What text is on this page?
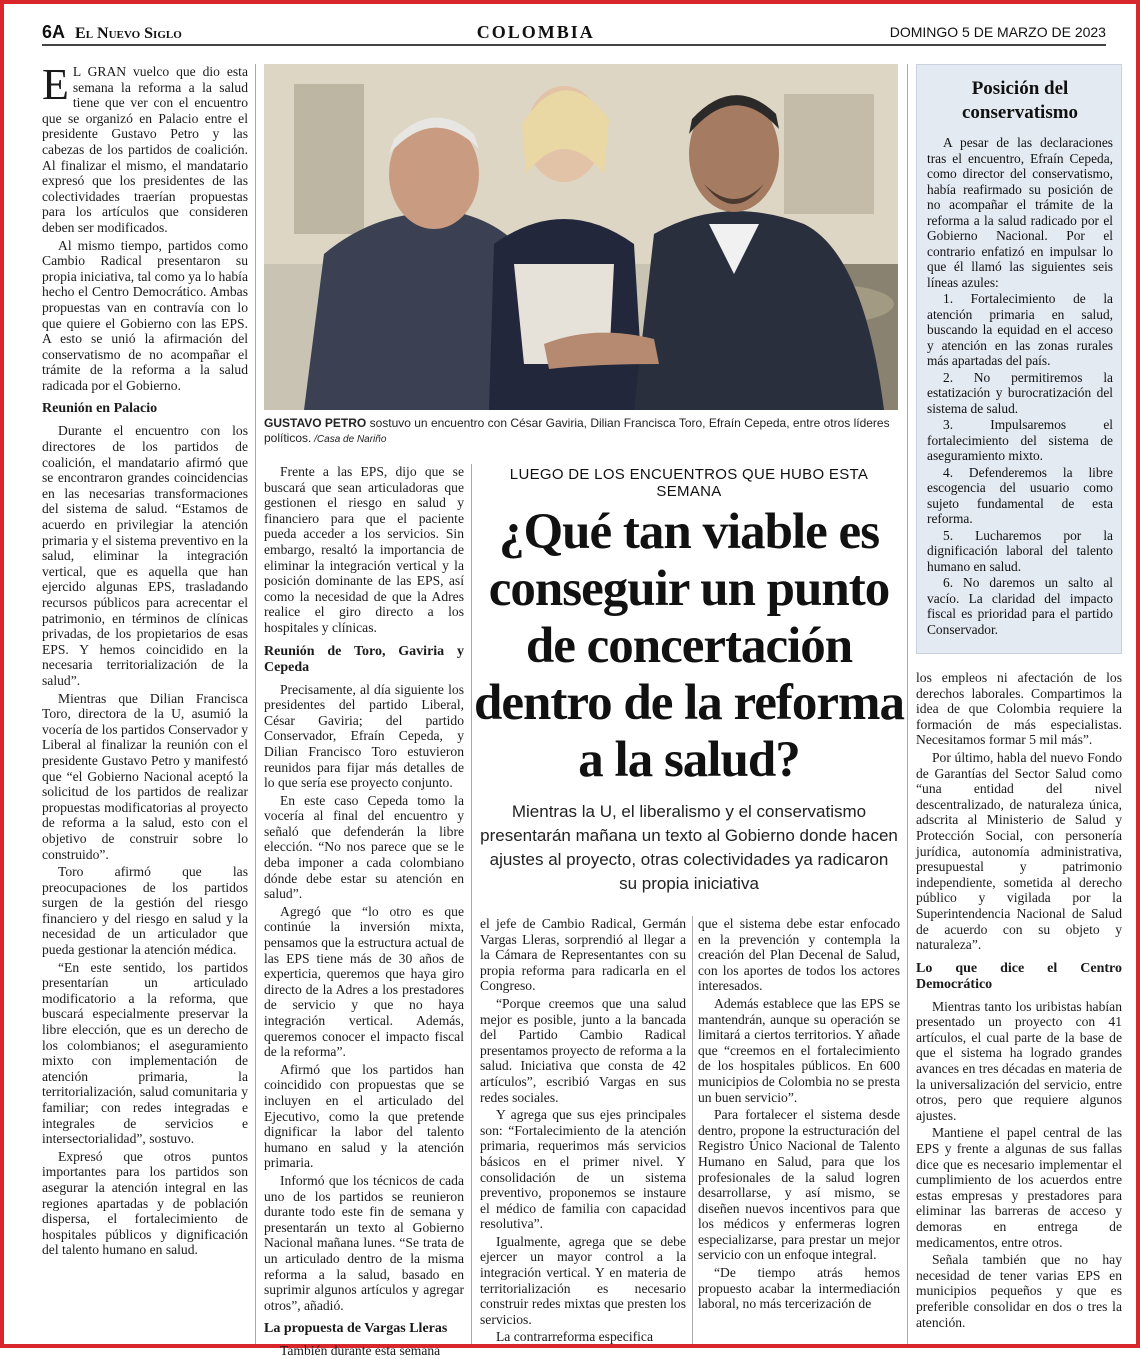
6A El Nuevo Siglo	COLOMBIA	DOMINGO 5 DE MARZO DE 2023

E L GRAN vuelco que dio esta semana la reforma a la salud tiene que ver con el encuentro que se organizó en Palacio entre el presidente Gustavo Petro y las cabezas de los partidos de coalición. Al finalizar el mismo, el mandatario expresó que los presidentes de las colectividades traerían propuestas para los artículos que consideren deben ser modificados.

Al mismo tiempo, partidos como Cambio Radical presentaron su propia iniciativa, tal como ya lo había hecho el Centro Democrático. Ambas propuestas van en contravía con lo que quiere el Gobierno con las EPS. A esto se unió la afirmación del conservatismo de no acompañar el trámite de la reforma a la salud radicada por el Gobierno.

Reunión en Palacio

Durante el encuentro con los directores de los partidos de coalición, el mandatario afirmó que se encontraron grandes coincidencias en las necesarias transformaciones del sistema de salud. “Estamos de acuerdo en privilegiar la atención primaria y el sistema preventivo en la salud, eliminar la integración vertical, que es aquella que han ejercido algunas EPS, trasladando recursos públicos para acrecentar el patrimonio, en términos de clínicas privadas, de los propietarios de esas EPS. Y hemos coincidido en la necesaria territorialización de la salud”.

Mientras que Dilian Francisca Toro, directora de la U, asumió la vocería de los partidos Conservador y Liberal al finalizar la reunión con el presidente Gustavo Petro y manifestó que “el Gobierno Nacional aceptó la solicitud de los partidos de realizar propuestas modificatorias al proyecto de reforma a la salud, esto con el objetivo de construir sobre lo construido”.

Toro afirmó que las preocupaciones de los partidos surgen de la gestión del riesgo financiero y del riesgo en salud y la necesidad de un articulador que pueda gestionar la atención médica.

“En este sentido, los partidos presentarían un articulado modificatorio a la reforma, que buscará especialmente preservar la libre elección, que es un derecho de los colombianos; el aseguramiento mixto con implementación de atención primaria, la territorialización, salud comunitaria y familiar; con redes integradas e integrales de servicios e intersectorialidad”, sostuvo.

Expresó que otros puntos importantes para los partidos son asegurar la atención integral en las regiones apartadas y de población dispersa, el fortalecimiento de hospitales públicos y dignificación del talento humano en salud.

GUSTAVO PETRO sostuvo un encuentro con César Gaviria, Dilian Francisca Toro, Efraín Cepeda, entre otros líderes políticos. /Casa de Nariño

Frente a las EPS, dijo que se buscará que sean articuladoras que gestionen el riesgo en salud y financiero para que el paciente pueda acceder a los servicios. Sin embargo, resaltó la importancia de eliminar la integración vertical y la posición dominante de las EPS, así como la necesidad de que la Adres realice el giro directo a los hospitales y clínicas.

Reunión de Toro, Gaviria y Cepeda

Precisamente, al día siguiente los presidentes del partido Liberal, César Gaviria; del partido Conservador, Efraín Cepeda, y Dilian Francisco Toro estuvieron reunidos para fijar más detalles de lo que sería ese proyecto conjunto.

En este caso Cepeda tomo la vocería al final del encuentro y señaló que defenderán la libre elección. “No nos parece que se le deba imponer a cada colombiano dónde debe estar su atención en salud”.

Agregó que “lo otro es que continúe la inversión mixta, pensamos que la estructura actual de las EPS tiene más de 30 años de experticia, queremos que haya giro directo de la Adres a los prestadores de servicio y que no haya integración vertical. Además, queremos conocer el impacto fiscal de la reforma”.

Afirmó que los partidos han coincidido con propuestas que se incluyen en el articulado del Ejecutivo, como la que pretende dignificar la labor del talento humano en salud y la atención primaria.

Informó que los técnicos de cada uno de los partidos se reunieron durante todo este fin de semana y presentarán un texto al Gobierno Nacional mañana lunes. “Se trata de un articulado dentro de la misma reforma a la salud, basado en suprimir algunos artículos y agregar otros”, añadió.

La propuesta de Vargas Lleras

También durante esta semana

LUEGO DE LOS ENCUENTROS QUE HUBO ESTA SEMANA
¿Qué tan viable es conseguir un punto de concertación dentro de la reforma a la salud?
Mientras la U, el liberalismo y el conservatismo presentarán mañana un texto al Gobierno donde hacen ajustes al proyecto, otras colectividades ya radicaron su propia iniciativa

el jefe de Cambio Radical, Germán Vargas Lleras, sorprendió al llegar a la Cámara de Representantes con su propia reforma para radicarla en el Congreso.

“Porque creemos que una salud mejor es posible, junto a la bancada del Partido Cambio Radical presentamos proyecto de reforma a la salud. Iniciativa que consta de 42 artículos”, escribió Vargas en sus redes sociales.

Y agrega que sus ejes principales son: “Fortalecimiento de la atención primaria, requerimos más servicios básicos en el primer nivel. Y consolidación de un sistema preventivo, proponemos se instaure el médico de familia con capacidad resolutiva”.

Igualmente, agrega que se debe ejercer un mayor control a la integración vertical. Y en materia de territorialización es necesario construir redes mixtas que presten los servicios.

La contrarreforma especifica

que el sistema debe estar enfocado en la prevención y contempla la creación del Plan Decenal de Salud, con los aportes de todos los actores interesados.

Además establece que las EPS se mantendrán, aunque su operación se limitará a ciertos territorios. Y añade que “creemos en el fortalecimiento de los hospitales públicos. En 600 municipios de Colombia no se presta un buen servicio”.

Para fortalecer el sistema desde dentro, propone la estructuración del Registro Único Nacional de Talento Humano en Salud, para que los profesionales de la salud logren desarrollarse, y así mismo, se diseñen nuevos incentivos para que los médicos y enfermeras logren especializarse, para prestar un mejor servicio con un enfoque integral.

“De tiempo atrás hemos propuesto acabar la intermediación laboral, no más tercerización de

Posición del conservatismo

A pesar de las declaraciones tras el encuentro, Efraín Cepeda, como director del conservatismo, había reafirmado su posición de no acompañar el trámite de la reforma a la salud radicado por el Gobierno Nacional. Por el contrario enfatizó en impulsar lo que él llamó las siguientes seis líneas azules:

1. Fortalecimiento de la atención primaria en salud, buscando la equidad en el acceso y atención en las zonas rurales más apartadas del país.

2. No permitiremos la estatización y burocratización del sistema de salud.

3. Impulsaremos el fortalecimiento del sistema de aseguramiento mixto.

4. Defenderemos la libre escogencia del usuario como sujeto fundamental de esta reforma.

5. Lucharemos por la dignificación laboral del talento humano en salud.

6. No daremos un salto al vacío. La claridad del impacto fiscal es prioridad para el partido Conservador.

los empleos ni afectación de los derechos laborales. Compartimos la idea de que Colombia requiere la formación de más especialistas. Necesitamos formar 5 mil más”.

Por último, habla del nuevo Fondo de Garantías del Sector Salud como “una entidad del nivel descentralizado, de naturaleza única, adscrita al Ministerio de Salud y Protección Social, con personería jurídica, autonomía administrativa, presupuestal y patrimonio independiente, sometida al derecho público y vigilada por la Superintendencia Nacional de Salud de acuerdo con su objeto y naturaleza”.

Lo que dice el Centro Democrático

Mientras tanto los uribistas habían presentado un proyecto con 41 artículos, el cual parte de la base de que el sistema ha logrado grandes avances en tres décadas en materia de la universalización del servicio, entre otros, pero que requiere algunos ajustes.

Mantiene el papel central de las EPS y frente a algunas de sus fallas dice que es necesario implementar el cumplimiento de los acuerdos entre estas empresas y prestadores para eliminar las barreras de acceso y demoras en entrega de medicamentos, entre otros.

Señala también que no hay necesidad de tener varias EPS en municipios pequeños y que es preferible consolidar en dos o tres la atención.
